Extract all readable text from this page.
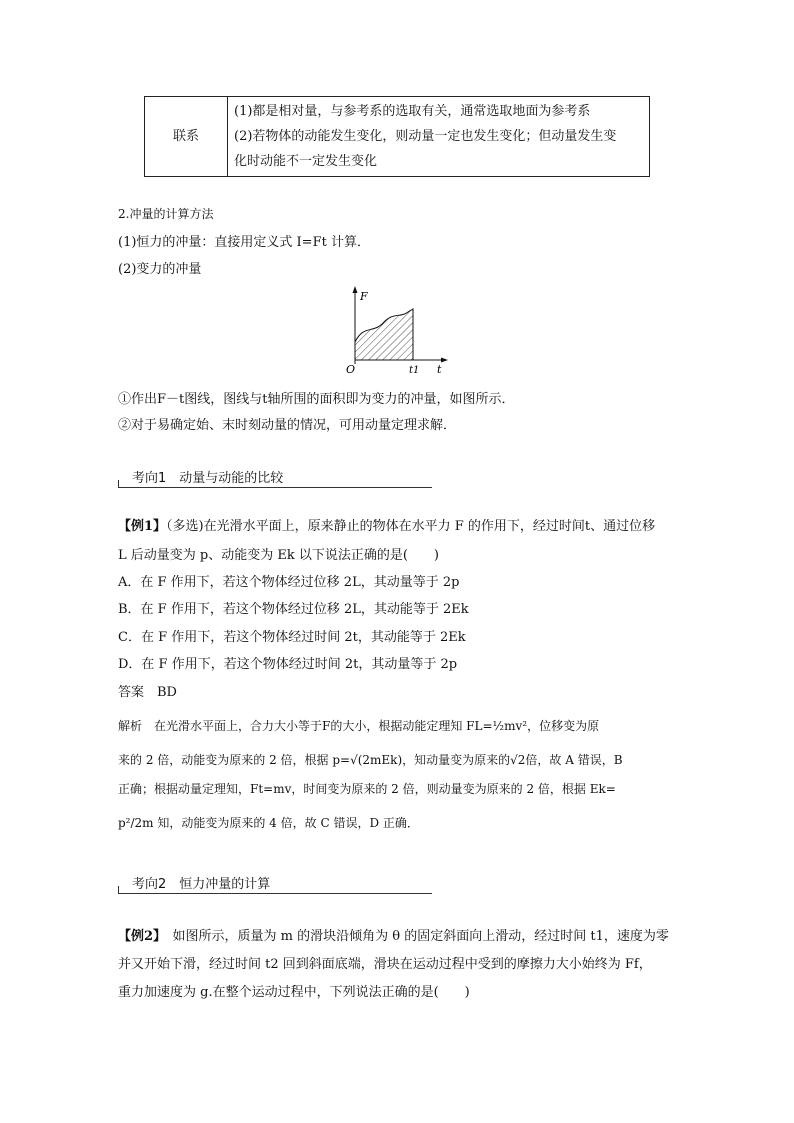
联系	
(1)都是相对量，与参考系的选取有关，通常选取地面为参考系
(2)若物体的动能发生变化，则动量一定也发生变化；但动量发生变
化时动能不一定发生变化
2.冲量的计算方法
(1)恒力的冲量：直接用定义式 I=Ft 计算．
(2)变力的冲量
F
O	t1 t
①作出F－t图线，图线与t轴所围的面积即为变力的冲量，如图所示．
②对于易确定始、末时刻动量的情况，可用动量定理求解．
考向1　动量与动能的比较
【例1】（多选)在光滑水平面上，原来静止的物体在水平力 F 的作用下，经过时间t、通过位移
L 后动量变为 p、动能变为 Ek 以下说法正确的是(　　)
A．在 F 作用下，若这个物体经过位移 2L，其动量等于 2p
B．在 F 作用下，若这个物体经过位移 2L，其动能等于 2Ek
C．在 F 作用下，若这个物体经过时间 2t，其动能等于 2Ek
D．在 F 作用下，若这个物体经过时间 2t，其动量等于 2p
答案　BD
解析　在光滑水平面上，合力大小等于F的大小，根据动能定理知 FL=½mv²，位移变为原
来的 2 倍，动能变为原来的 2 倍，根据 p=√(2mEk)，知动量变为原来的√2倍，故 A 错误，B
正确；根据动量定理知，Ft=mv，时间变为原来的 2 倍，则动量变为原来的 2 倍，根据 Ek=
p²/2m 知，动能变为原来的 4 倍，故 C 错误，D 正确．
考向2　恒力冲量的计算
【例2】　如图所示，质量为 m 的滑块沿倾角为 θ 的固定斜面向上滑动，经过时间 t1，速度为零
并又开始下滑，经过时间 t2 回到斜面底端，滑块在运动过程中受到的摩擦力大小始终为 Ff，
重力加速度为 g.在整个运动过程中，下列说法正确的是(　　)
